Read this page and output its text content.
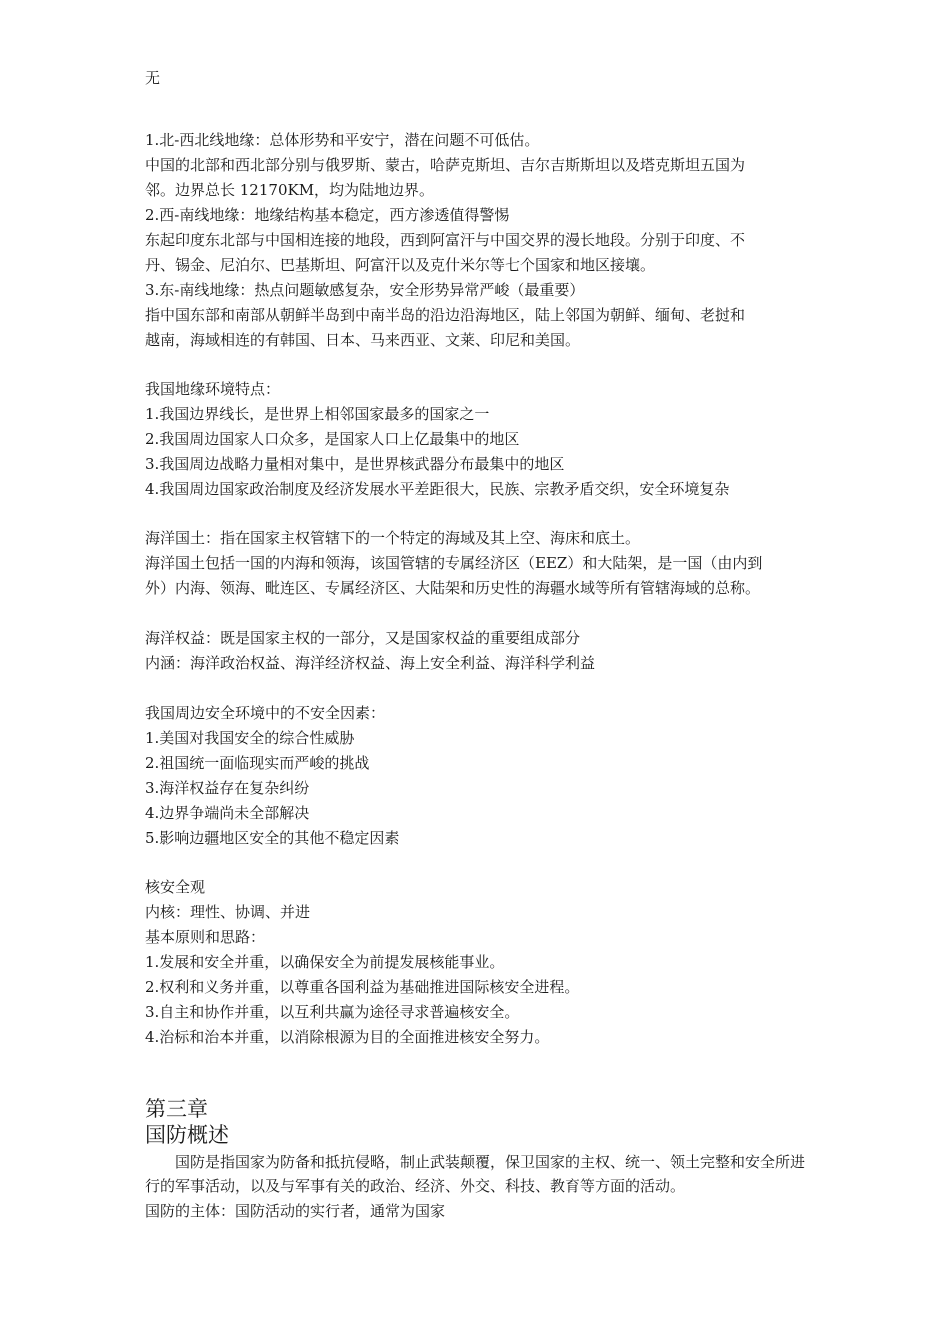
无
1.北-西北线地缘：总体形势和平安宁，潜在问题不可低估。
中国的北部和西北部分别与俄罗斯、蒙古，哈萨克斯坦、吉尔吉斯斯坦以及塔克斯坦五国为
邻。边界总长 12170KM，均为陆地边界。
2.西-南线地缘：地缘结构基本稳定，西方渗透值得警惕
东起印度东北部与中国相连接的地段，西到阿富汗与中国交界的漫长地段。分别于印度、不
丹、锡金、尼泊尔、巴基斯坦、阿富汗以及克什米尔等七个国家和地区接壤。
3.东-南线地缘：热点问题敏感复杂，安全形势异常严峻（最重要）
指中国东部和南部从朝鲜半岛到中南半岛的沿边沿海地区，陆上邻国为朝鲜、缅甸、老挝和
越南，海域相连的有韩国、日本、马来西亚、文莱、印尼和美国。
我国地缘环境特点：
1.我国边界线长，是世界上相邻国家最多的国家之一
2.我国周边国家人口众多，是国家人口上亿最集中的地区
3.我国周边战略力量相对集中，是世界核武器分布最集中的地区
4.我国周边国家政治制度及经济发展水平差距很大，民族、宗教矛盾交织，安全环境复杂
海洋国土：指在国家主权管辖下的一个特定的海域及其上空、海床和底土。
海洋国土包括一国的内海和领海，该国管辖的专属经济区（EEZ）和大陆架，是一国（由内到
外）内海、领海、毗连区、专属经济区、大陆架和历史性的海疆水域等所有管辖海域的总称。
海洋权益：既是国家主权的一部分，又是国家权益的重要组成部分
内涵：海洋政治权益、海洋经济权益、海上安全利益、海洋科学利益
我国周边安全环境中的不安全因素：
1.美国对我国安全的综合性威胁
2.祖国统一面临现实而严峻的挑战
3.海洋权益存在复杂纠纷
4.边界争端尚未全部解决
5.影响边疆地区安全的其他不稳定因素
核安全观
内核：理性、协调、并进
基本原则和思路：
1.发展和安全并重，以确保安全为前提发展核能事业。
2.权利和义务并重，以尊重各国利益为基础推进国际核安全进程。
3.自主和协作并重，以互利共赢为途径寻求普遍核安全。
4.治标和治本并重，以消除根源为目的全面推进核安全努力。
第三章
国防概述
国防是指国家为防备和抵抗侵略，制止武装颠覆，保卫国家的主权、统一、领土完整和安全所进行的军事活动，以及与军事有关的政治、经济、外交、科技、教育等方面的活动。
国防的主体：国防活动的实行者，通常为国家
